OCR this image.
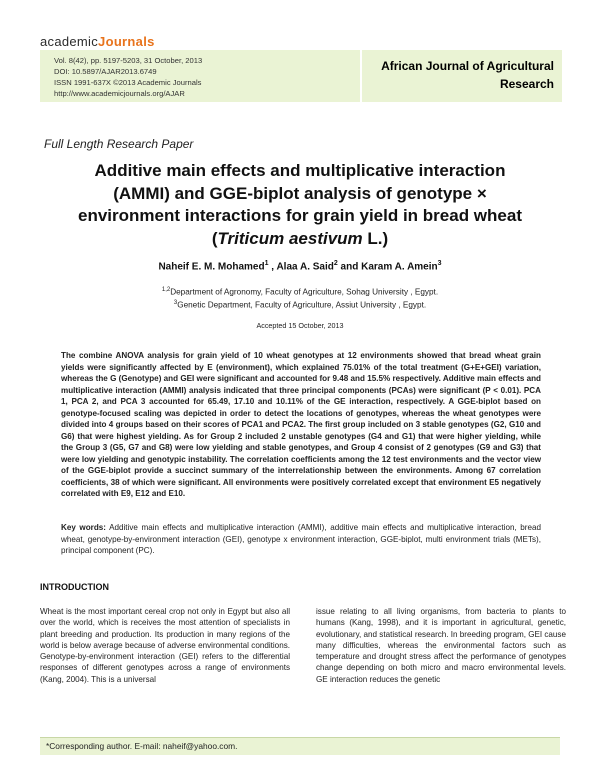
academicJournals
Vol. 8(42), pp. 5197-5203, 31 October, 2013
DOI: 10.5897/AJAR2013.6749
ISSN 1991-637X ©2013 Academic Journals
http://www.academicjournals.org/AJAR
African Journal of Agricultural
Research
Full Length Research Paper
Additive main effects and multiplicative interaction
(AMMI) and GGE-biplot analysis of genotype ×
environment interactions for grain yield in bread wheat
(Triticum aestivum L.)
Naheif E. M. Mohamed$^1$ , Alaa A. Said$^2$ and Karam A. Amein$^3$
$^{1,2}$Department of Agronomy, Faculty of Agriculture, Sohag University , Egypt.
$^3$Genetic Department, Faculty of Agriculture, Assiut University , Egypt.
Accepted 15 October, 2013
The combine ANOVA analysis for grain yield of 10 wheat genotypes at 12 environments showed that bread wheat grain yields were significantly affected by E (environment), which explained 75.01% of the total treatment (G+E+GEI) variation, whereas the G (Genotype) and GEI were significant and accounted for 9.48 and 15.5% respectively. Additive main effects and multiplicative interaction (AMMI) analysis indicated that three principal components (PCAs) were significant (P < 0.01). PCA 1, PCA 2, and PCA 3 accounted for 65.49, 17.10 and 10.11% of the GE interaction, respectively. A GGE-biplot based on genotype-focused scaling was depicted in order to detect the locations of genotypes, whereas the wheat genotypes were divided into 4 groups based on their scores of PCA1 and PCA2. The first group included on 3 stable genotypes (G2, G10 and G6) that were highest yielding. As for Group 2 included 2 unstable genotypes (G4 and G1) that were higher yielding, while the Group 3 (G5, G7 and G8) were low yielding and stable genotypes, and Group 4 consist of 2 genotypes (G9 and G3) that were low yielding and genotypic instability. The correlation coefficients among the 12 test environments and the vector view of the GGE-biplot provide a succinct summary of the interrelationship between the environments. Among 67 correlation coefficients, 38 of which were significant. All environments were positively correlated except that environment E5 negatively correlated with E9, E12 and E10.
Key words: Additive main effects and multiplicative interaction (AMMI), additive main effects and multiplicative interaction, bread wheat, genotype-by-environment interaction (GEI), genotype x environment interaction, GGE-biplot, multi environment trials (METs), principal component (PC).
INTRODUCTION
Wheat is the most important cereal crop not only in Egypt but also all over the world, which is receives the most attention of specialists in plant breeding and production. Its production in many regions of the world is below average because of adverse environmental conditions. Genotype-by-environment interaction (GEI) refers to the differential responses of different genotypes across a range of environments (Kang, 2004). This is a universal
issue relating to all living organisms, from bacteria to plants to humans (Kang, 1998), and it is important in agricultural, genetic, evolutionary, and statistical research. In breeding program, GEI cause many difficulties, whereas the environmental factors such as temperature and drought stress affect the performance of genotypes change depending on both micro and macro environmental levels. GE interaction reduces the genetic
*Corresponding author. E-mail: naheif@yahoo.com.
